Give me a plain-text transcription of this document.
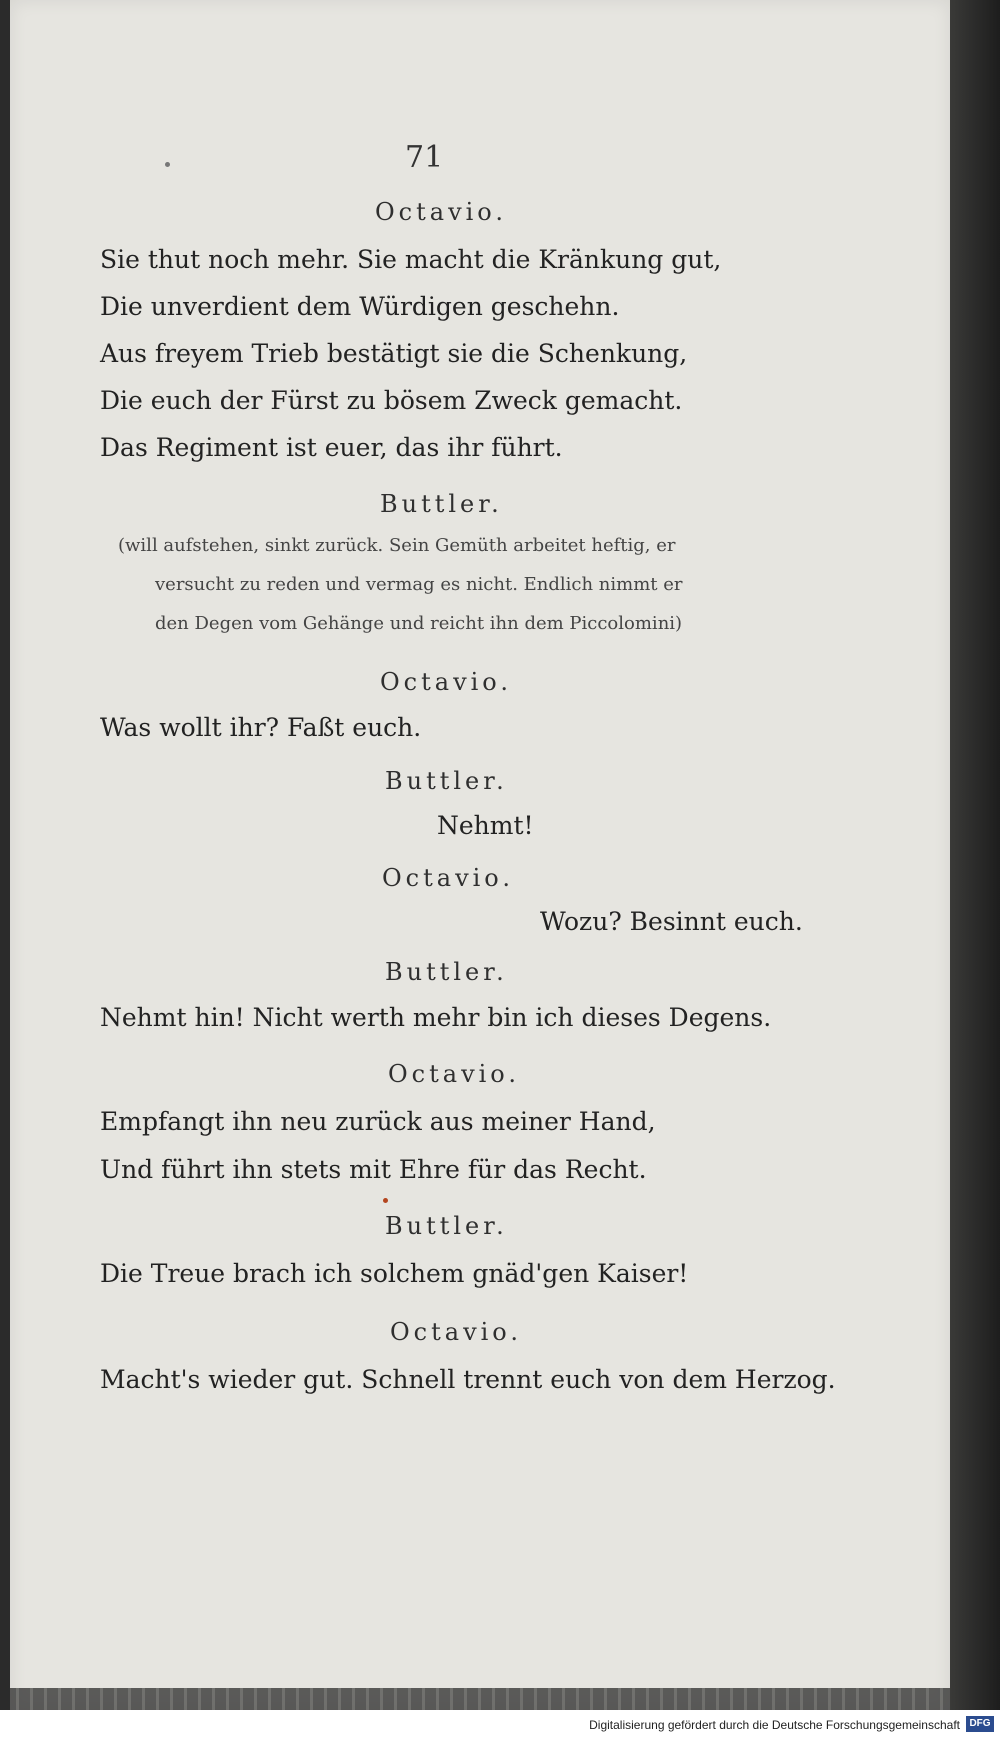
71
Octavio.
Sie thut noch mehr. Sie macht die Kränkung gut,
Die unverdient dem Würdigen geschehn.
Aus freyem Trieb bestätigt sie die Schenkung,
Die euch der Fürst zu bösem Zweck gemacht.
Das Regiment ist euer, das ihr führt.
Buttler.
(will aufstehen, sinkt zurück. Sein Gemüth arbeitet heftig, er
versucht zu reden und vermag es nicht. Endlich nimmt er
den Degen vom Gehänge und reicht ihn dem Piccolomini)
Octavio.
Was wollt ihr? Faßt euch.
Buttler.
Nehmt!
Octavio.
Wozu? Besinnt euch.
Buttler.
Nehmt hin! Nicht werth mehr bin ich dieses Degens.
Octavio.
Empfangt ihn neu zurück aus meiner Hand,
Und führt ihn stets mit Ehre für das Recht.
Buttler.
Die Treue brach ich solchem gnäd'gen Kaiser!
Octavio.
Macht's wieder gut. Schnell trennt euch von dem Herzog.
Digitalisierung gefördert durch die Deutsche Forschungsgemeinschaft DFG
